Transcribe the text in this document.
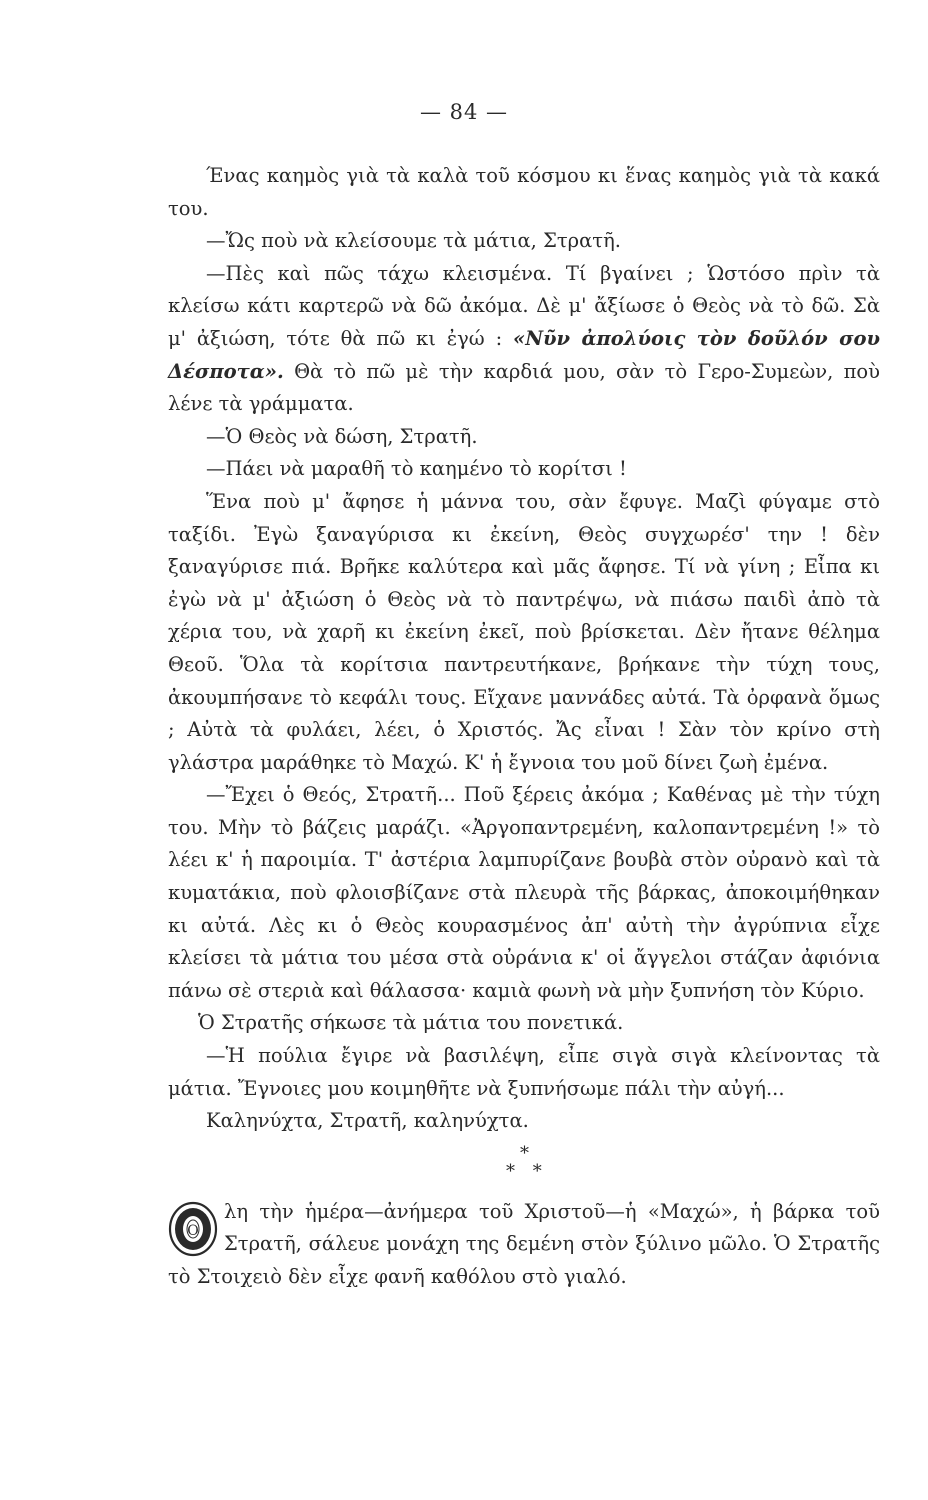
— 84 —

Ένας καημὸς γιὰ τὰ καλὰ τοῦ κόσμου κι ἕνας καημὸς γιὰ τὰ κακά του.

—Ὤς ποὺ νὰ κλείσουμε τὰ μάτια, Στρατῆ.

—Πὲς καὶ πῶς τάχω κλεισμένα. Τί βγαίνει ; Ὡστόσο πρὶν τὰ κλείσω κάτι καρτερῶ νὰ δῶ ἀκόμα. Δὲ μ' ἄξίωσε ὁ Θεὸς νὰ τὸ δῶ. Σὰ μ' ἀξιώση, τότε θὰ πῶ κι ἐγώ : «Νῦν ἀπολύοις τὸν δοῦλόν σου Δέσποτα». Θὰ τὸ πῶ μὲ τὴν καρδιά μου, σὰν τὸ Γερο-Συμεὼν, ποὺ λένε τὰ γράμματα.

—Ὁ Θεὸς νὰ δώση, Στρατῆ.

—Πάει νὰ μαραθῆ τὸ καημένο τὸ κορίτσι !

Ἕνα ποὺ μ' ἄφησε ἡ μάννα του, σὰν ἔφυγε. Μαζὶ φύγαμε στὸ ταξίδι. Ἐγὼ ξαναγύρισα κι ἐκείνη, Θεὸς συγχωρέσ' την ! δὲν ξαναγύρισε πιά. Βρῆκε καλύτερα καὶ μᾶς ἄφησε. Τί νὰ γίνη ; Εἶπα κι ἐγὼ νὰ μ' ἀξιώση ὁ Θεὸς νὰ τὸ παντρέψω, νὰ πιάσω παιδὶ ἀπὸ τὰ χέρια του, νὰ χαρῆ κι ἐκείνη ἐκεῖ, ποὺ βρίσκεται. Δὲν ἤτανε θέλημα Θεοῦ. Ὅλα τὰ κορίτσια παντρευτήκανε, βρήκανε τὴν τύχη τους, ἀκουμπήσανε τὸ κεφάλι τους. Εἴχανε μαννάδες αὐτά. Τὰ ὀρφανὰ ὅμως ; Αὐτὰ τὰ φυλάει, λέει, ὁ Χριστός. Ἄς εἶναι ! Σὰν τὸν κρίνο στὴ γλάστρα μαράθηκε τὸ Μαχώ. Κ' ἡ ἔγνοια του μοῦ δίνει ζωὴ ἐμένα.

—Ἔχει ὁ Θεός, Στρατῆ... Ποῦ ξέρεις ἀκόμα ; Καθένας μὲ τὴν τύχη του. Μὴν τὸ βάζεις μαράζι. «Ἀργοπαντρεμένη, καλοπαντρεμένη !» τὸ λέει κ' ἡ παροιμία. Τ' ἀστέρια λαμπυρίζανε βουβὰ στὸν οὐρανὸ καὶ τὰ κυματάκια, ποὺ φλοισβίζανε στὰ πλευρὰ τῆς βάρκας, ἀποκοιμήθηκαν κι αὐτά. Λὲς κι ὁ Θεὸς κουρασμένος ἀπ' αὐτὴ τὴν ἀγρύπνια εἶχε κλείσει τὰ μάτια του μέσα στὰ οὐράνια κ' οἱ ἄγγελοι στάζαν ἀφιόνια πάνω σὲ στεριὰ καὶ θάλασσα· καμιὰ φωνὴ νὰ μὴν ξυπνήση τὸν Κύριο.

Ὁ Στρατῆς σήκωσε τὰ μάτια του πονετικά.

—Ἡ πούλια ἔγιρε νὰ βασιλέψη, εἶπε σιγὰ σιγὰ κλείνοντας τὰ μάτια. Ἔγνοιες μου κοιμηθῆτε νὰ ξυπνήσωμε πάλι τὴν αὐγή...

Καληνύχτα, Στρατῆ, καληνύχτα.

*
* *

Ο
λη τὴν ἡμέρα—ἀνήμερα τοῦ Χριστοῦ—ἡ «Μαχώ», ἡ βάρκα τοῦ Στρατῆ, σάλευε μονάχη της δεμένη στὸν ξύλινο μῶλο. Ὁ Στρατῆς τὸ Στοιχειὸ δὲν εἶχε φανῆ καθόλου στὸ γιαλό.
